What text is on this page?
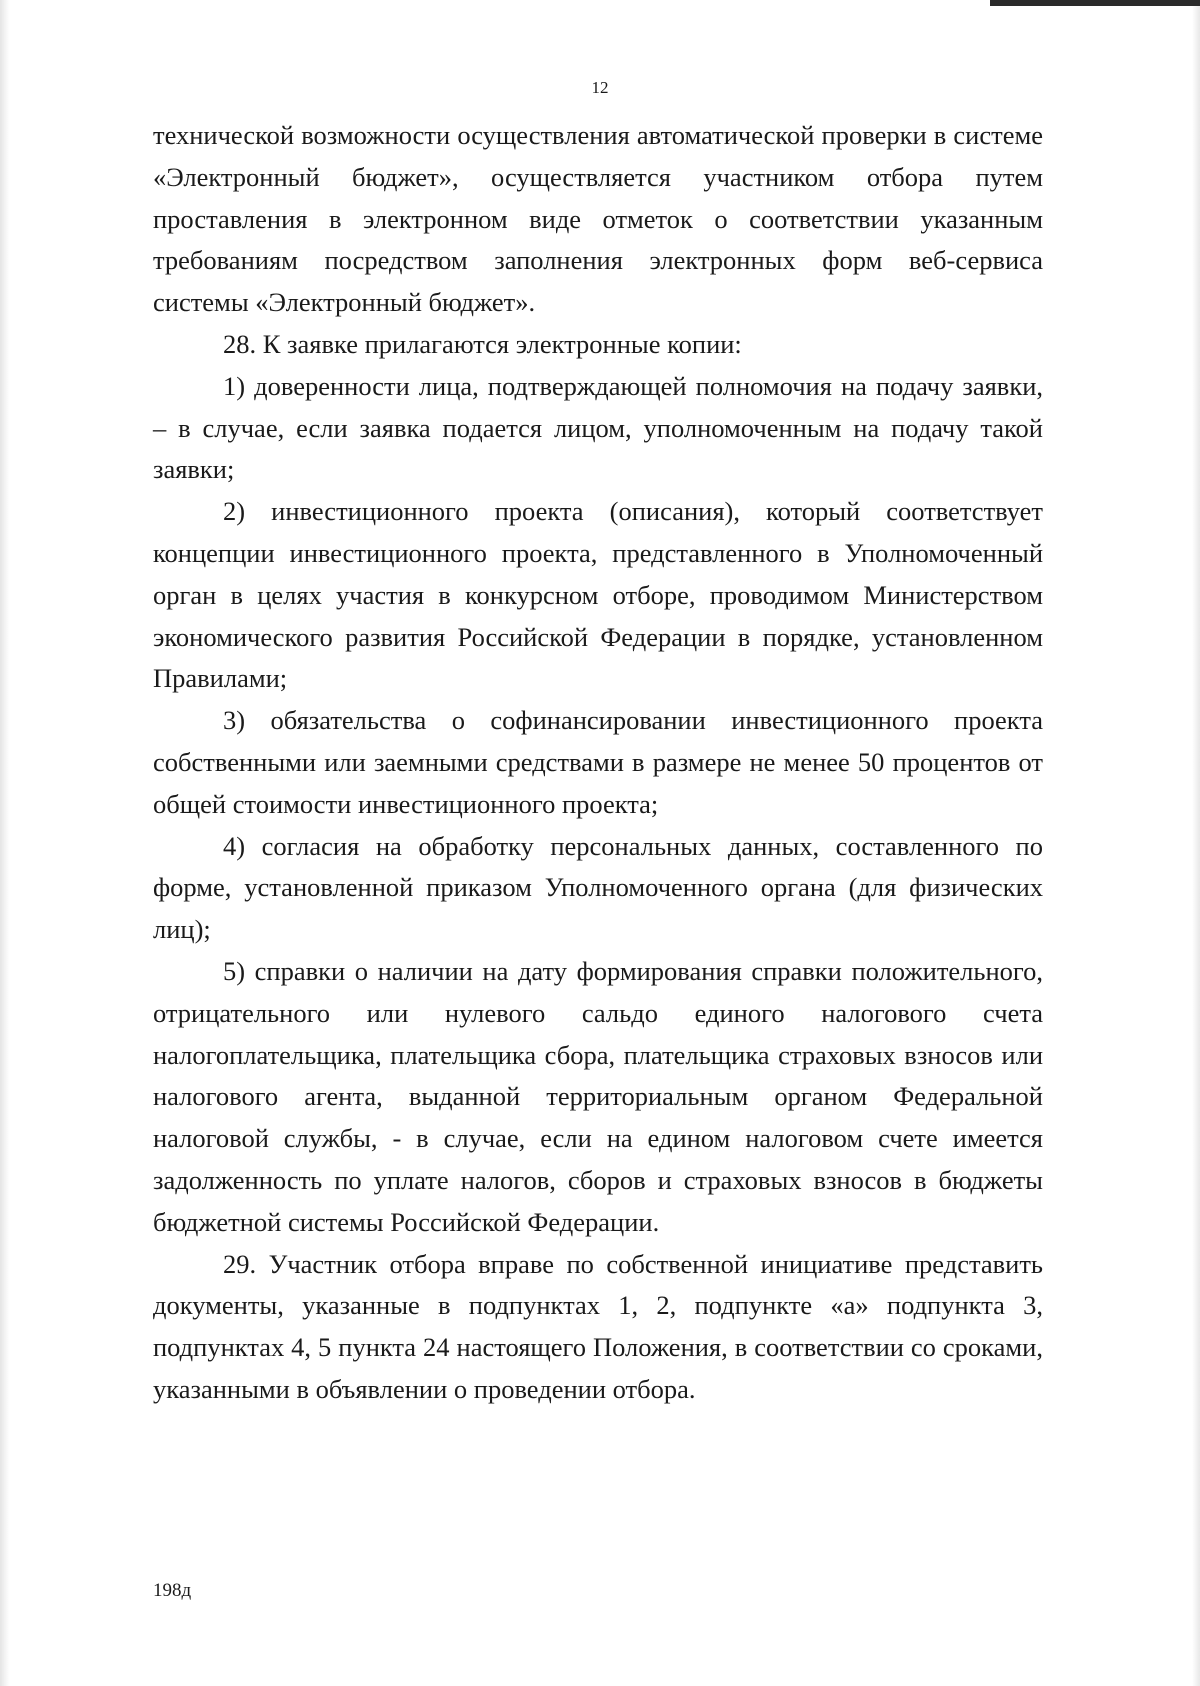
12

технической возможности осуществления автоматической проверки в системе «Электронный бюджет», осуществляется участником отбора путем проставления в электронном виде отметок о соответствии указанным требованиям посредством заполнения электронных форм веб-сервиса системы «Электронный бюджет».

28. К заявке прилагаются электронные копии:

1) доверенности лица, подтверждающей полномочия на подачу заявки, – в случае, если заявка подается лицом, уполномоченным на подачу такой заявки;

2) инвестиционного проекта (описания), который соответствует концепции инвестиционного проекта, представленного в Уполномоченный орган в целях участия в конкурсном отборе, проводимом Министерством экономического развития Российской Федерации в порядке, установленном Правилами;

3) обязательства о софинансировании инвестиционного проекта собственными или заемными средствами в размере не менее 50 процентов от общей стоимости инвестиционного проекта;

4) согласия на обработку персональных данных, составленного по форме, установленной приказом Уполномоченного органа (для физических лиц);

5) справки о наличии на дату формирования справки положительного, отрицательного или нулевого сальдо единого налогового счета налогоплательщика, плательщика сбора, плательщика страховых взносов или налогового агента, выданной территориальным органом Федеральной налоговой службы, - в случае, если на едином налоговом счете имеется задолженность по уплате налогов, сборов и страховых взносов в бюджеты бюджетной системы Российской Федерации.

29. Участник отбора вправе по собственной инициативе представить документы, указанные в подпунктах 1, 2, подпункте «а» подпункта 3, подпунктах 4, 5 пункта 24 настоящего Положения, в соответствии со сроками, указанными в объявлении о проведении отбора.

198д
